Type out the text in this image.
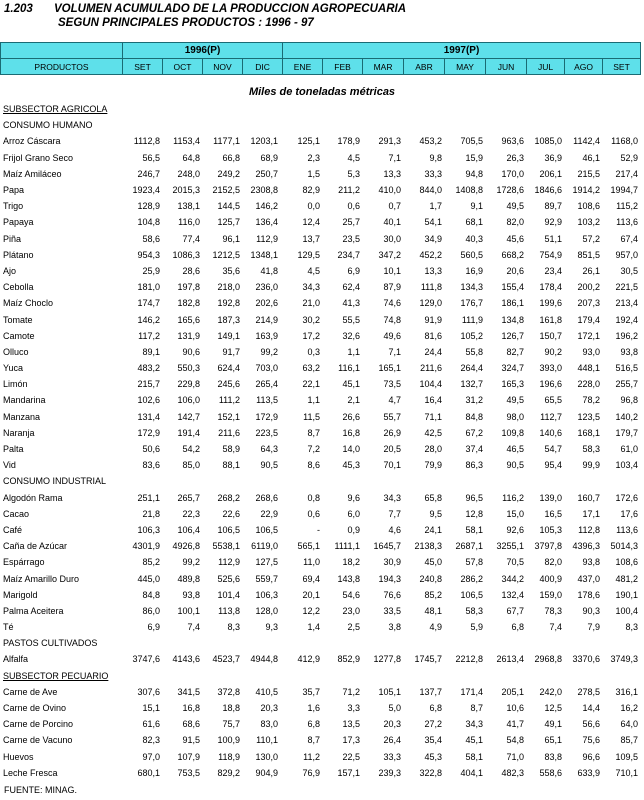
1.203 VOLUMEN ACUMULADO DE LA PRODUCCION AGROPECUARIA
SEGUN PRINCIPALES PRODUCTOS : 1996 - 97
	1996(P)				1997(P)								
PRODUCTOS	SET	OCT	NOV	DIC	ENE	FEB	MAR	ABR	MAY	JUN	JUL	AGO	SET
Miles de toneladas métricas
SUBSECTOR AGRICOLA													
CONSUMO HUMANO													
Arroz Cáscara	1112,8	1153,4	1177,1	1203,1	125,1	178,9	291,3	453,2	705,5	963,6	1085,0	1142,4	1168,0
Frijol Grano Seco	56,5	64,8	66,8	68,9	2,3	4,5	7,1	9,8	15,9	26,3	36,9	46,1	52,9
Maíz Amiláceo	246,7	248,0	249,2	250,7	1,5	5,3	13,3	33,3	94,8	170,0	206,1	215,5	217,4
Papa	1923,4	2015,3	2152,5	2308,8	82,9	211,2	410,0	844,0	1408,8	1728,6	1846,6	1914,2	1994,7
Trigo	128,9	138,1	144,5	146,2	0,0	0,6	0,7	1,7	9,1	49,5	89,7	108,6	115,2
Papaya	104,8	116,0	125,7	136,4	12,4	25,7	40,1	54,1	68,1	82,0	92,9	103,2	113,6
Piña	58,6	77,4	96,1	112,9	13,7	23,5	30,0	34,9	40,3	45,6	51,1	57,2	67,4
Plátano	954,3	1086,3	1212,5	1348,1	129,5	234,7	347,2	452,2	560,5	668,2	754,9	851,5	957,0
Ajo	25,9	28,6	35,6	41,8	4,5	6,9	10,1	13,3	16,9	20,6	23,4	26,1	30,5
Cebolla	181,0	197,8	218,0	236,0	34,3	62,4	87,9	111,8	134,3	155,4	178,4	200,2	221,5
Maíz Choclo	174,7	182,8	192,8	202,6	21,0	41,3	74,6	129,0	176,7	186,1	199,6	207,3	213,4
Tomate	146,2	165,6	187,3	214,9	30,2	55,5	74,8	91,9	111,9	134,8	161,8	179,4	192,4
Camote	117,2	131,9	149,1	163,9	17,2	32,6	49,6	81,6	105,2	126,7	150,7	172,1	196,2
Olluco	89,1	90,6	91,7	99,2	0,3	1,1	7,1	24,4	55,8	82,7	90,2	93,0	93,8
Yuca	483,2	550,3	624,4	703,0	63,2	116,1	165,1	211,6	264,4	324,7	393,0	448,1	516,5
Limón	215,7	229,8	245,6	265,4	22,1	45,1	73,5	104,4	132,7	165,3	196,6	228,0	255,7
Mandarina	102,6	106,0	111,2	113,5	1,1	2,1	4,7	16,4	31,2	49,5	65,5	78,2	96,8
Manzana	131,4	142,7	152,1	172,9	11,5	26,6	55,7	71,1	84,8	98,0	112,7	123,5	140,2
Naranja	172,9	191,4	211,6	223,5	8,7	16,8	26,9	42,5	67,2	109,8	140,6	168,1	179,7
Palta	50,6	54,2	58,9	64,3	7,2	14,0	20,5	28,0	37,4	46,5	54,7	58,3	61,0
Vid	83,6	85,0	88,1	90,5	8,6	45,3	70,1	79,9	86,3	90,5	95,4	99,9	103,4
CONSUMO INDUSTRIAL													
Algodón Rama	251,1	265,7	268,2	268,6	0,8	9,6	34,3	65,8	96,5	116,2	139,0	160,7	172,6
Cacao	21,8	22,3	22,6	22,9	0,6	6,0	7,7	9,5	12,8	15,0	16,5	17,1	17,6
Café	106,3	106,4	106,5	106,5	-	0,9	4,6	24,1	58,1	92,6	105,3	112,8	113,6
Caña de Azúcar	4301,9	4926,8	5538,1	6119,0	565,1	1111,1	1645,7	2138,3	2687,1	3255,1	3797,8	4396,3	5014,3
Espárrago	85,2	99,2	112,9	127,5	11,0	18,2	30,9	45,0	57,8	70,5	82,0	93,8	108,6
Maíz Amarillo Duro	445,0	489,8	525,6	559,7	69,4	143,8	194,3	240,8	286,2	344,2	400,9	437,0	481,2
Marigold	84,8	93,8	101,4	106,3	20,1	54,6	76,6	85,2	106,5	132,4	159,0	178,6	190,1
Palma Aceitera	86,0	100,1	113,8	128,0	12,2	23,0	33,5	48,1	58,3	67,7	78,3	90,3	100,4
Té	6,9	7,4	8,3	9,3	1,4	2,5	3,8	4,9	5,9	6,8	7,4	7,9	8,3
PASTOS CULTIVADOS													
Alfalfa	3747,6	4143,6	4523,7	4944,8	412,9	852,9	1277,8	1745,7	2212,8	2613,4	2968,8	3370,6	3749,3
SUBSECTOR PECUARIO													
Carne de Ave	307,6	341,5	372,8	410,5	35,7	71,2	105,1	137,7	171,4	205,1	242,0	278,5	316,1
Carne de Ovino	15,1	16,8	18,8	20,3	1,6	3,3	5,0	6,8	8,7	10,6	12,5	14,4	16,2
Carne de Porcino	61,6	68,6	75,7	83,0	6,8	13,5	20,3	27,2	34,3	41,7	49,1	56,6	64,0
Carne de Vacuno	82,3	91,5	100,9	110,1	8,7	17,3	26,4	35,4	45,1	54,8	65,1	75,6	85,7
Huevos	97,0	107,9	118,9	130,0	11,2	22,5	33,3	45,3	58,1	71,0	83,8	96,6	109,5
Leche Fresca	680,1	753,5	829,2	904,9	76,9	157,1	239,3	322,8	404,1	482,3	558,6	633,9	710,1
FUENTE: MINAG.
